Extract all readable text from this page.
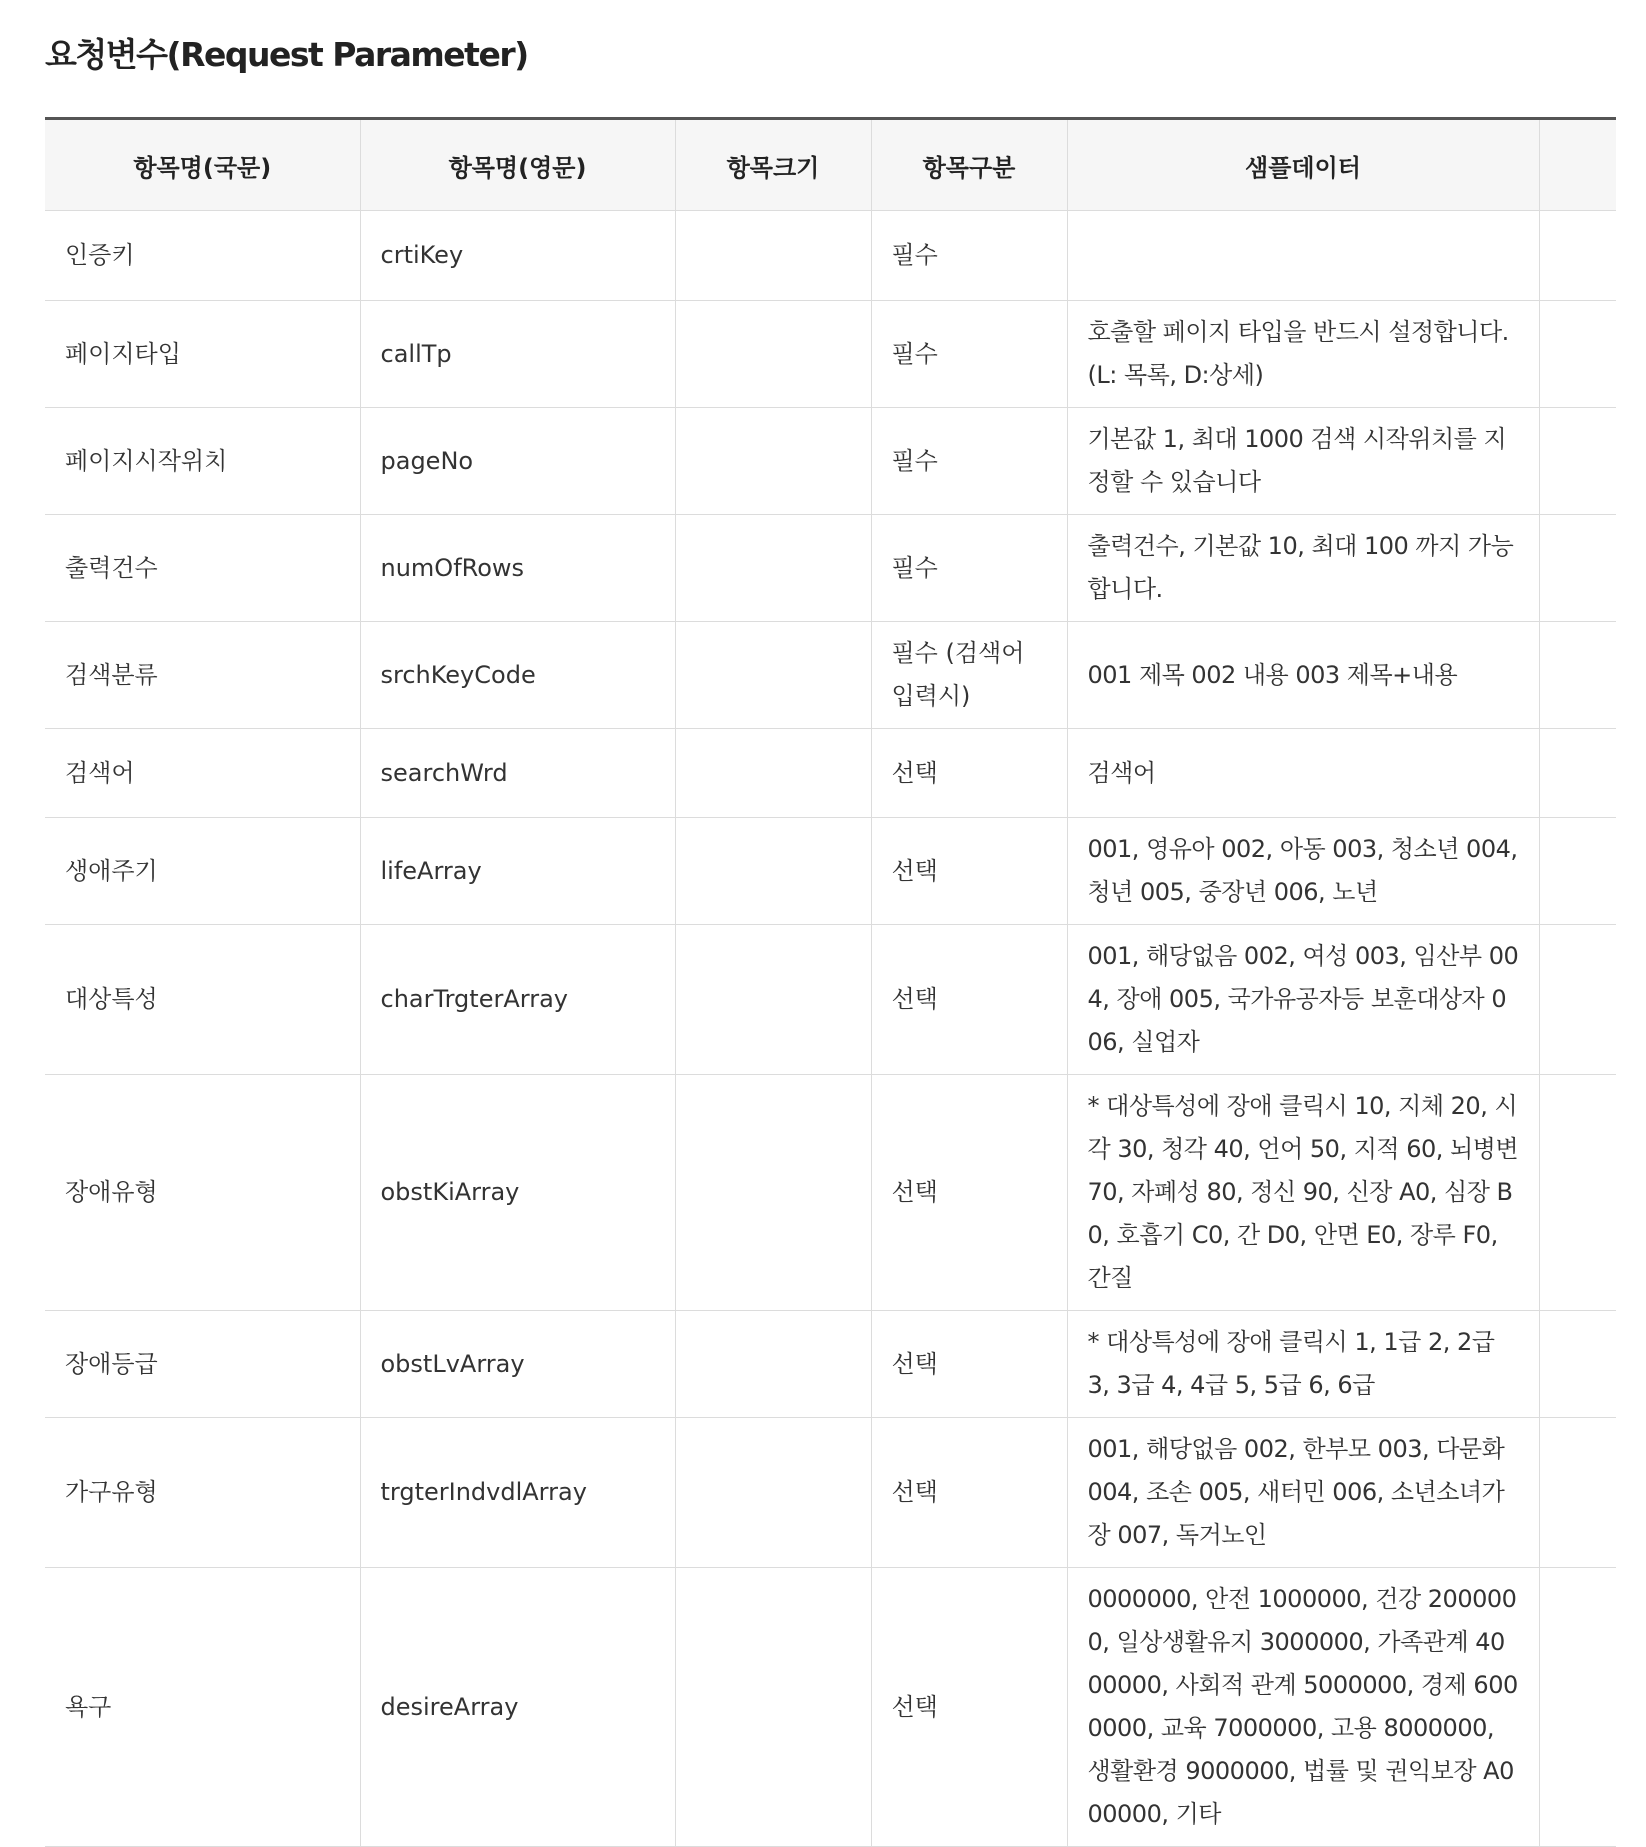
요청변수(Request Parameter)
항목명(국문)	항목명(영문)	항목크기	항목구분	샘플데이터	
인증키	crtiKey		필수		
페이지타입	callTp		필수	호출할 페이지 타입을 반드시 설정합니다.(L: 목록, D:상세)	
페이지시작위치	pageNo		필수	기본값 1, 최대 1000 검색 시작위치를 지정할 수 있습니다	
출력건수	numOfRows		필수	출력건수, 기본값 10, 최대 100 까지 가능합니다.	
검색분류	srchKeyCode		필수 (검색어 입력시)	001 제목 002 내용 003 제목+내용	
검색어	searchWrd		선택	검색어	
생애주기	lifeArray		선택	001, 영유아 002, 아동 003, 청소년 004, 청년 005, 중장년 006, 노년	
대상특성	charTrgterArray		선택	001, 해당없음 002, 여성 003, 임산부 004, 장애 005, 국가유공자등 보훈대상자 006, 실업자	
장애유형	obstKiArray		선택	* 대상특성에 장애 클릭시 10, 지체 20, 시각 30, 청각 40, 언어 50, 지적 60, 뇌병변 70, 자폐성 80, 정신 90, 신장 A0, 심장 B0, 호흡기 C0, 간 D0, 안면 E0, 장루 F0, 간질	
장애등급	obstLvArray		선택	* 대상특성에 장애 클릭시 1, 1급 2, 2급 3, 3급 4, 4급 5, 5급 6, 6급	
가구유형	trgterIndvdlArray		선택	001, 해당없음 002, 한부모 003, 다문화 004, 조손 005, 새터민 006, 소년소녀가장 007, 독거노인	
욕구	desireArray		선택	0000000, 안전 1000000, 건강 2000000, 일상생활유지 3000000, 가족관계 4000000, 사회적 관계 5000000, 경제 6000000, 교육 7000000, 고용 8000000, 생활환경 9000000, 법률 및 권익보장 A000000, 기타	
